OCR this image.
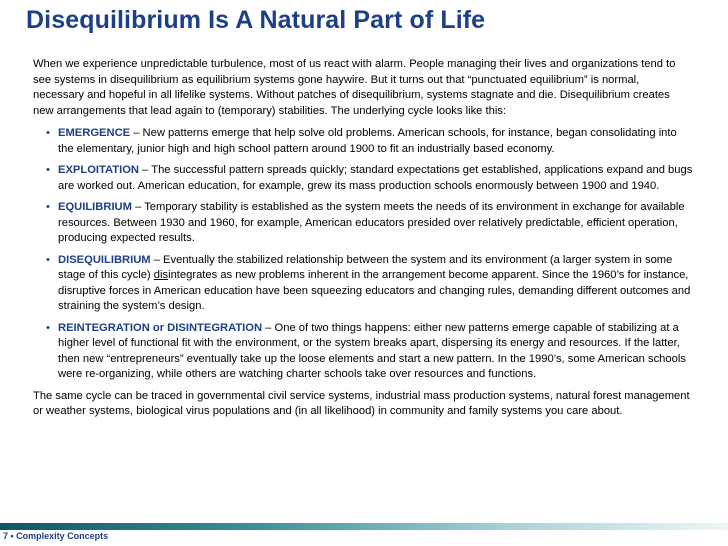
Disequilibrium Is A Natural Part of Life

When we experience unpredictable turbulence, most of us react with alarm. People managing their lives and organizations tend to see systems in disequilibrium as equilibrium systems gone haywire. But it turns out that “punctuated equilibrium” is normal, necessary and hopeful in all lifelike systems. Without patches of disequilibrium, systems stagnate and die. Disequilibrium creates new arrangements that lead again to (temporary) stabilities. The underlying cycle looks like this:

• EMERGENCE – New patterns emerge that help solve old problems. American schools, for instance, began consolidating into the elementary, junior high and high school pattern around 1900 to fit an industrially based economy.
• EXPLOITATION – The successful pattern spreads quickly; standard expectations get established, applications expand and bugs are worked out. American education, for example, grew its mass production schools enormously between 1900 and 1940.
• EQUILIBRIUM – Temporary stability is established as the system meets the needs of its environment in exchange for available resources. Between 1930 and 1960, for example, American educators presided over relatively predictable, efficient operation, producing expected results.
• DISEQUILIBRIUM – Eventually the stabilized relationship between the system and its environment (a larger system in some stage of this cycle) disintegrates as new problems inherent in the arrangement become apparent. Since the 1960’s for instance, disruptive forces in American education have been squeezing educators and changing rules, demanding different outcomes and straining the system’s design.
• REINTEGRATION or DISINTEGRATION – One of two things happens: either new patterns emerge capable of stabilizing at a higher level of functional fit with the environment, or the system breaks apart, dispersing its energy and resources. If the latter, then new “entrepreneurs” eventually take up the loose elements and start a new pattern. In the 1990’s, some American schools were re-organizing, while others are watching charter schools take over resources and functions.

The same cycle can be traced in governmental civil service systems, industrial mass production systems, natural forest management or weather systems, biological virus populations and (in all likelihood) in community and family systems you care about.

7 • Complexity Concepts
